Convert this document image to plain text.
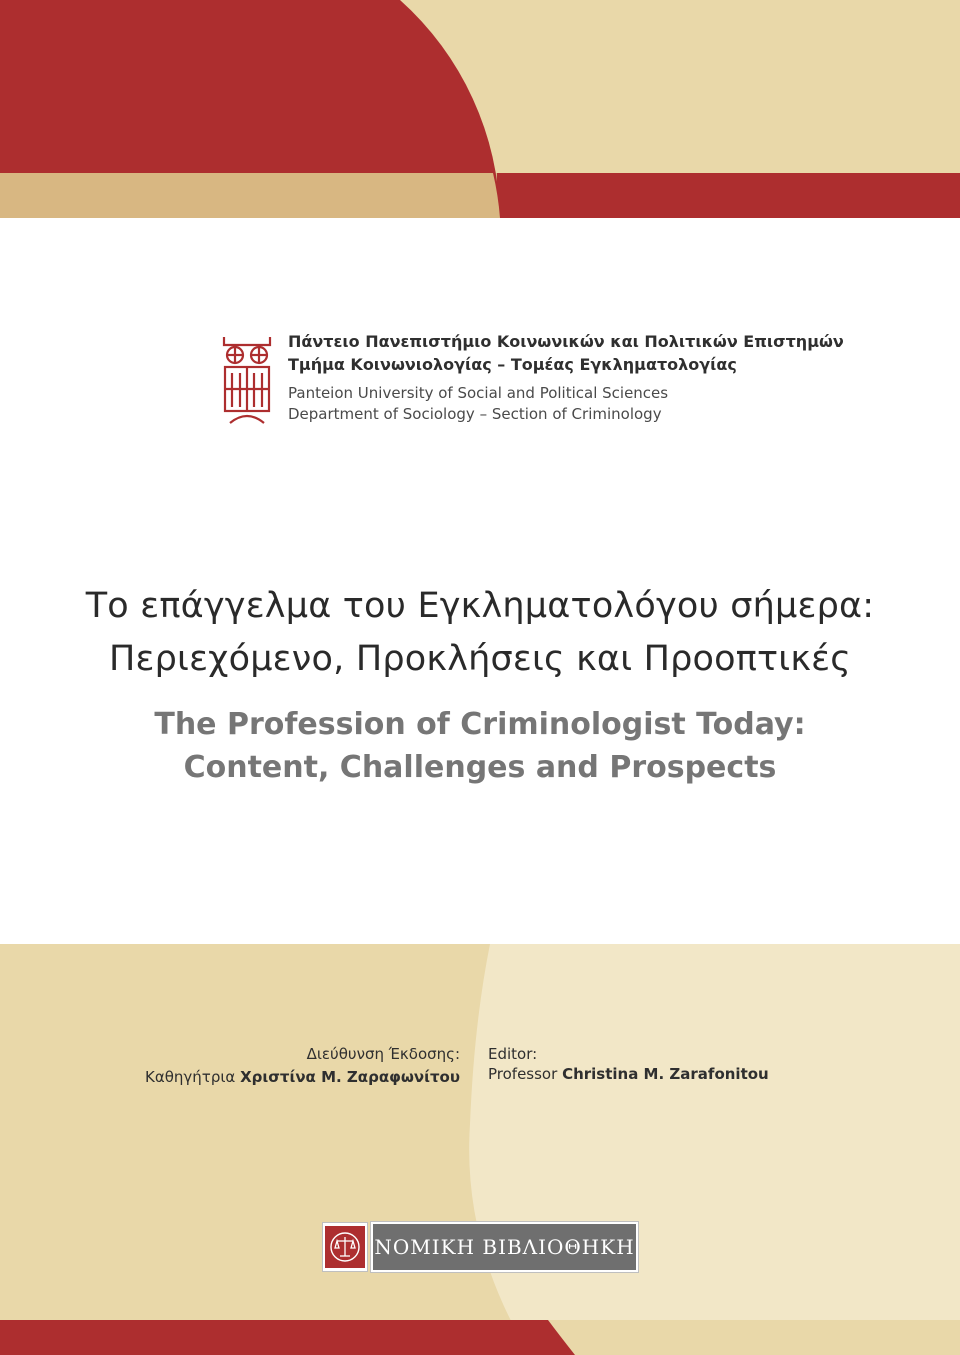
Πάντειο Πανεπιστήμιο Κοινωνικών και Πολιτικών Επιστημών
Τμήμα Κοινωνιολογίας – Τομέας Εγκληματολογίας
Panteion University of Social and Political Sciences
Department of Sociology – Section of Criminology
Το επάγγελμα του Εγκληματολόγου σήμερα:
Περιεχόμενο, Προκλήσεις και Προοπτικές
The Profession of Criminologist Today:
Content, Challenges and Prospects
Διεύθυνση Έκδοσης:
Καθηγήτρια Χριστίνα Μ. Ζαραφωνίτου
Editor:
Professor Christina M. Zarafonitou
ΝΟΜΙΚΗ ΒΙΒΛΙΟΘΗΚΗ
